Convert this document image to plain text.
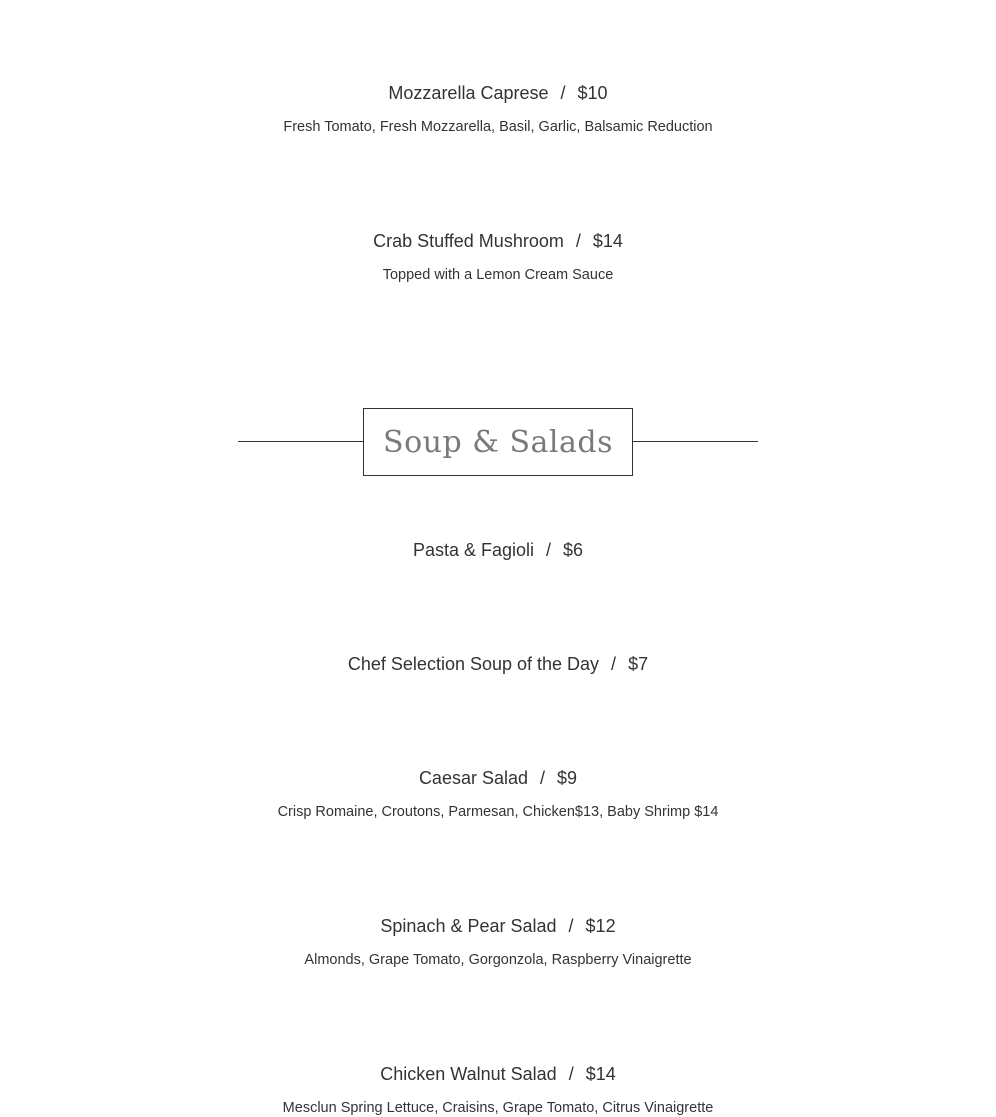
Mozzarella Caprese / $10
Fresh Tomato, Fresh Mozzarella, Basil, Garlic, Balsamic Reduction
Crab Stuffed Mushroom / $14
Topped with a Lemon Cream Sauce
Soup & Salads
Pasta & Fagioli / $6
Chef Selection Soup of the Day / $7
Caesar Salad / $9
Crisp Romaine, Croutons, Parmesan, Chicken$13, Baby Shrimp $14
Spinach & Pear Salad / $12
Almonds, Grape Tomato, Gorgonzola, Raspberry Vinaigrette
Chicken Walnut Salad / $14
Mesclun Spring Lettuce, Craisins, Grape Tomato, Citrus Vinaigrette
